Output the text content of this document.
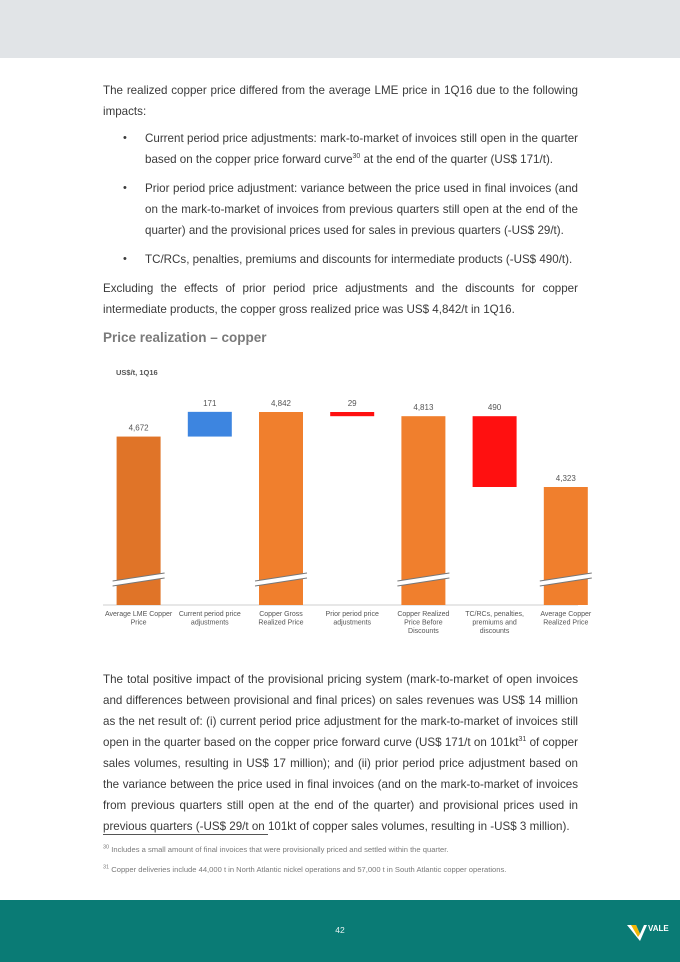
The realized copper price differed from the average LME price in 1Q16 due to the following impacts:

• Current period price adjustments: mark-to-market of invoices still open in the quarter based on the copper price forward curve$^{30}$ at the end of the quarter (US$ 171/t).
• Prior period price adjustment: variance between the price used in final invoices (and on the mark-to-market of invoices from previous quarters still open at the end of the quarter) and the provisional prices used for sales in previous quarters (-US$ 29/t).
• TC/RCs, penalties, premiums and discounts for intermediate products (-US$ 490/t).

Excluding the effects of prior period price adjustments and the discounts for copper intermediate products, the copper gross realized price was US$ 4,842/t in 1Q16.

Price realization – copper
US$/t, 1Q16
4,672
Average LME Copper Price
171
Current period price adjustments
4,842
Copper Gross Realized Price
29
Prior period price adjustments
4,813
Copper Realized Price Before Discounts
490
TC/RCs, penalties, premiums and discounts
4,323
Average Copper Realized Price

The total positive impact of the provisional pricing system (mark-to-market of open invoices and differences between provisional and final prices) on sales revenues was US$ 14 million as the net result of: (i) current period price adjustment for the mark-to-market of invoices still open in the quarter based on the copper price forward curve (US$ 171/t on $101kt^{31}$ of copper sales volumes, resulting in US$ 17 million); and (ii) prior period price adjustment based on the variance between the price used in final invoices (and on the mark-to-market of invoices from previous quarters still open at the end of the quarter) and provisional prices used in previous quarters (-US$ 29/t on 101kt of copper sales volumes, resulting in -US$ 3 million).

$^{30}$ Includes a small amount of final invoices that were provisionally priced and settled within the quarter.
$^{31}$ Copper deliveries include 44,000 t in North Atlantic nickel operations and 57,000 t in South Atlantic copper operations.
42	VALE
